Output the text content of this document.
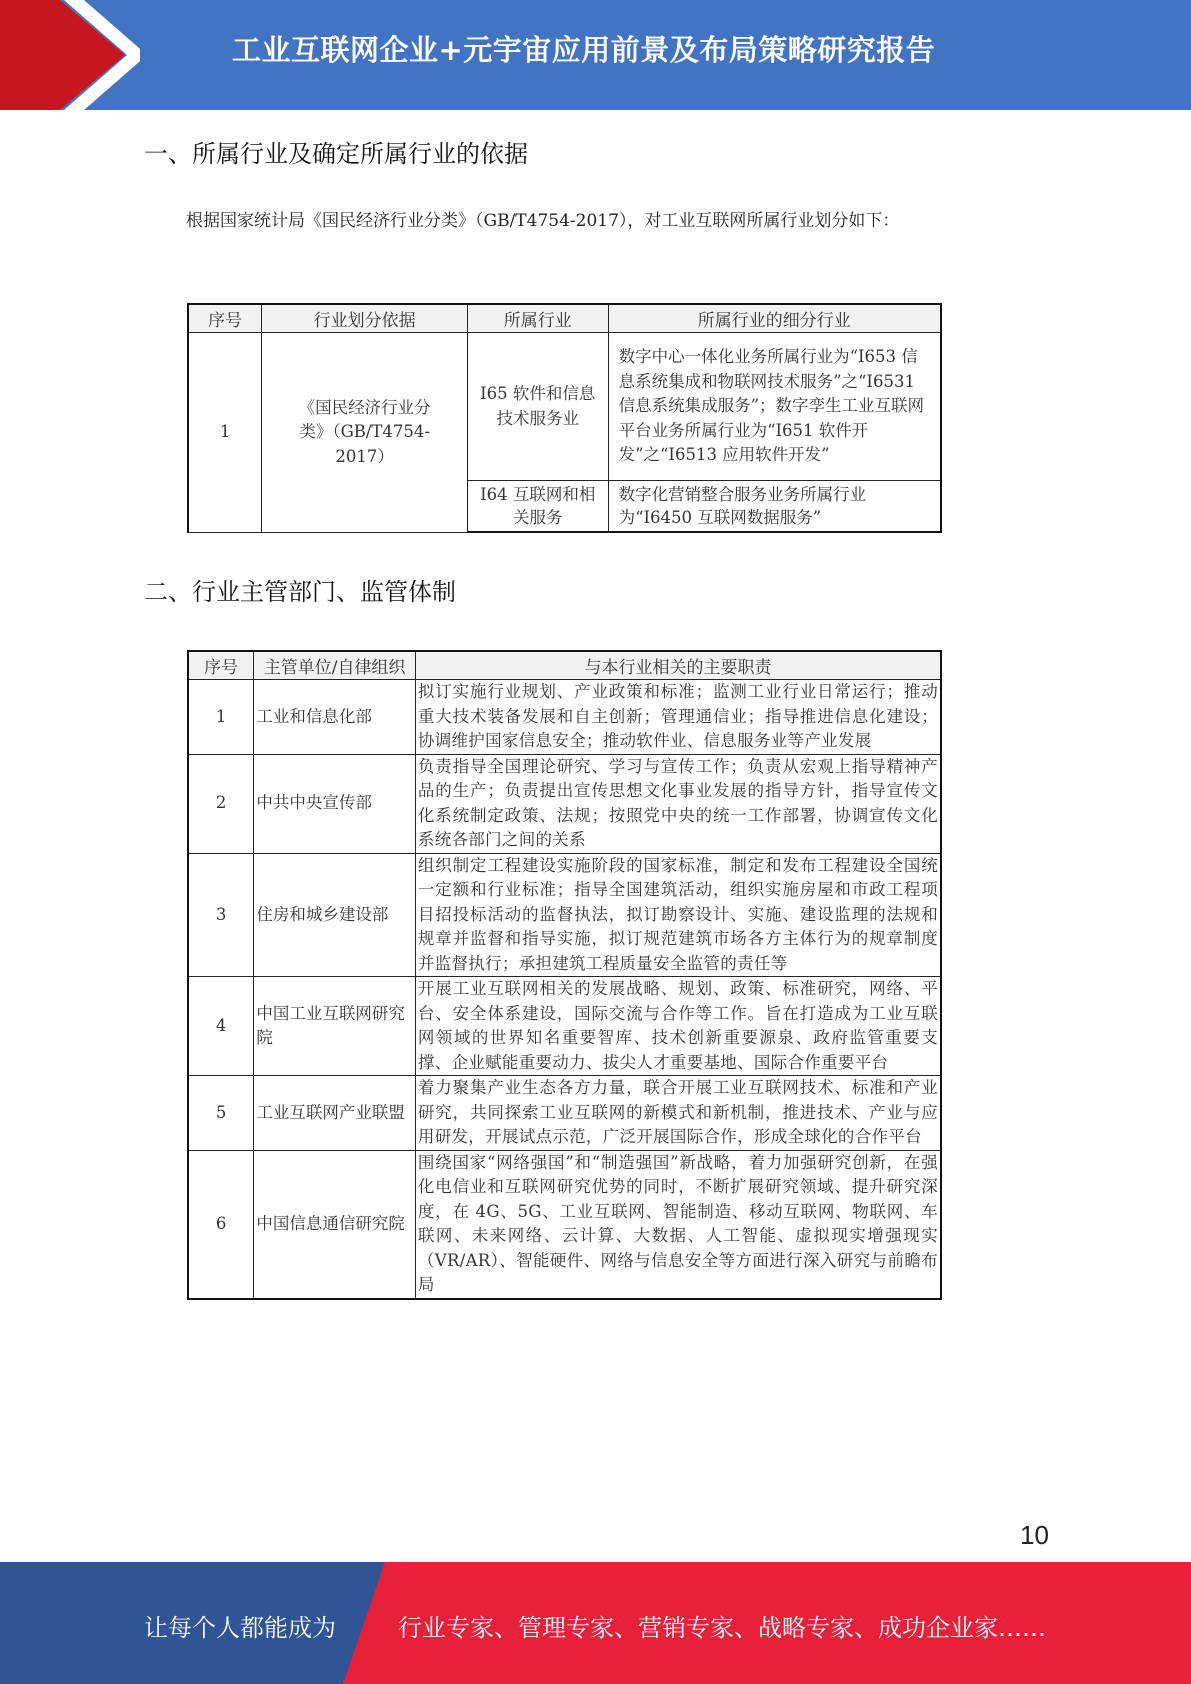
工业互联网企业+元宇宙应用前景及布局策略研究报告
一、所属行业及确定所属行业的依据

根据国家统计局《国民经济行业分类》（GB/T4754-2017），对工业互联网所属行业划分如下：

序号	行业划分依据	所属行业	所属行业的细分行业
1	《国民经济行业分类》（GB/T4754-2017）	I65 软件和信息技术服务业	数字中心一体化业务所属行业为“I653 信息系统集成和物联网技术服务”之“I6531 信息系统集成服务”；数字孪生工业互联网平台业务所属行业为“I651 软件开发”之“I6513 应用软件开发”
		I64 互联网和相关服务	数字化营销整合服务业务所属行业为“I6450 互联网数据服务”
二、行业主管部门、监管体制
序号	主管单位/自律组织	与本行业相关的主要职责
1	工业和信息化部	拟订实施行业规划、产业政策和标准；监测工业行业日常运行；推动重大技术装备发展和自主创新；管理通信业；指导推进信息化建设；协调维护国家信息安全；推动软件业、信息服务业等产业发展
2	中共中央宣传部	负责指导全国理论研究、学习与宣传工作；负责从宏观上指导精神产品的生产；负责提出宣传思想文化事业发展的指导方针，指导宣传文化系统制定政策、法规；按照党中央的统一工作部署，协调宣传文化系统各部门之间的关系
3	住房和城乡建设部	组织制定工程建设实施阶段的国家标准，制定和发布工程建设全国统一定额和行业标准；指导全国建筑活动，组织实施房屋和市政工程项目招投标活动的监督执法，拟订勘察设计、实施、建设监理的法规和规章并监督和指导实施，拟订规范建筑市场各方主体行为的规章制度并监督执行；承担建筑工程质量安全监管的责任等
4	中国工业互联网研究院	开展工业互联网相关的发展战略、规划、政策、标准研究，网络、平台、安全体系建设，国际交流与合作等工作。旨在打造成为工业互联网领域的世界知名重要智库、技术创新重要源泉、政府监管重要支撑、企业赋能重要动力、拔尖人才重要基地、国际合作重要平台
5	工业互联网产业联盟	着力聚集产业生态各方力量，联合开展工业互联网技术、标准和产业研究，共同探索工业互联网的新模式和新机制，推进技术、产业与应用研发，开展试点示范，广泛开展国际合作，形成全球化的合作平台
6	中国信息通信研究院	围绕国家“网络强国”和“制造强国”新战略，着力加强研究创新，在强化电信业和互联网研究优势的同时，不断扩展研究领域、提升研究深度，在 4G、5G、工业互联网、智能制造、移动互联网、物联网、车联网、未来网络、云计算、大数据、人工智能、虚拟现实增强现实（VR/AR）、智能硬件、网络与信息安全等方面进行深入研究与前瞻布局
10
让每个人都能成为	行业专家、管理专家、营销专家、战略专家、成功企业家……
